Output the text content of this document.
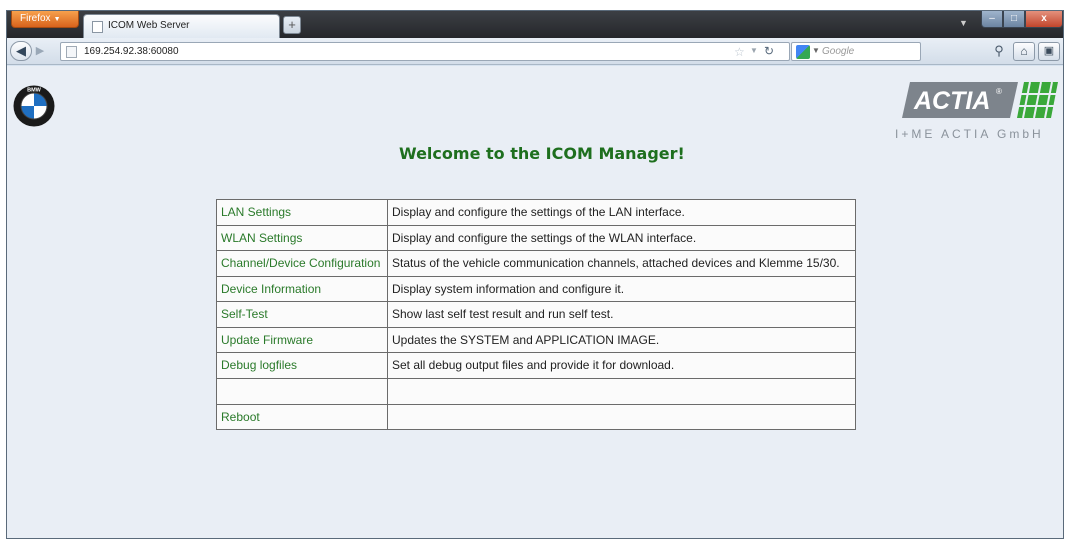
Firefox ▼
ICOM Web Server	+	▼	–	□	x
◀ ▶	169.254.92.38:60080	☆ ▼ ↻	▼ Google	⚲	⌂	▣
BMW	ACTIA ®
I+ME ACTIA GmbH
Welcome to the ICOM Manager!
LAN Settings	Display and configure the settings of the LAN interface.
WLAN Settings	Display and configure the settings of the WLAN interface.
Channel/Device Configuration	Status of the vehicle communication channels, attached devices and Klemme 15/30.
Device Information	Display system information and configure it.
Self-Test	Show last self test result and run self test.
Update Firmware	Updates the SYSTEM and APPLICATION IMAGE.
Debug logfiles	Set all debug output files and provide it for download.

Reboot	
